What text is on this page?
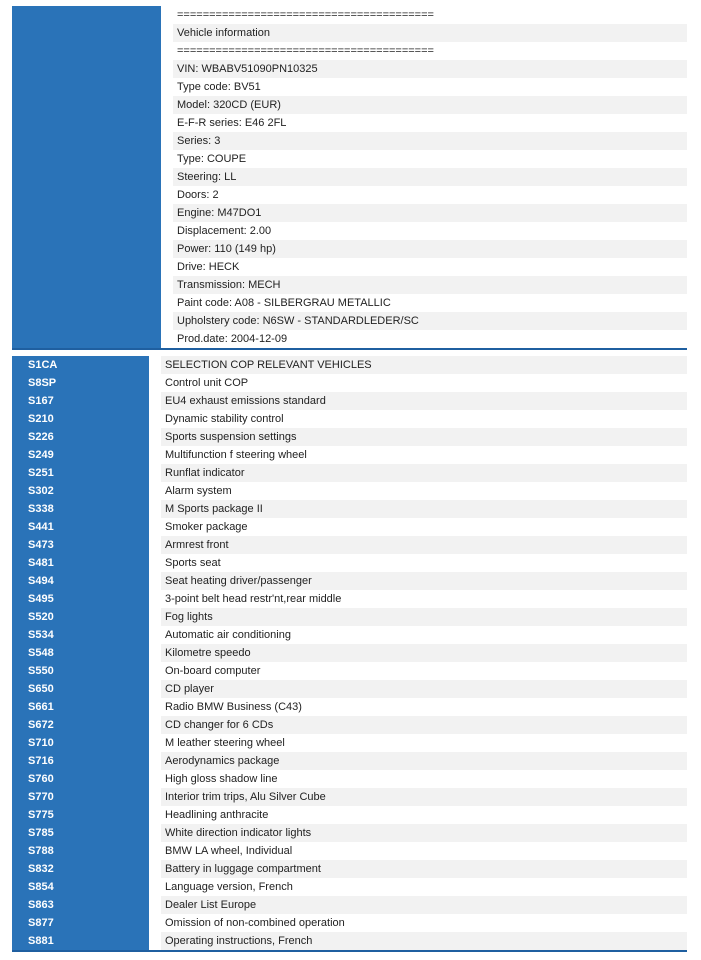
========================================
Vehicle information
========================================
VIN: WBABV51090PN10325
Type code: BV51
Model: 320CD (EUR)
E-F-R series: E46 2FL
Series: 3
Type: COUPE
Steering: LL
Doors: 2
Engine: M47DO1
Displacement: 2.00
Power: 110 (149 hp)
Drive: HECK
Transmission: MECH
Paint code: A08 - SILBERGRAU METALLIC
Upholstery code: N6SW - STANDARDLEDER/SC
Prod.date: 2004-12-09
S1CA
S8SP
S167
S210
S226
S249
S251
S302
S338
S441
S473
S481
S494
S495
S520
S534
S548
S550
S650
S661
S672
S710
S716
S760
S770
S775
S785
S788
S832
S854
S863
S877
S881
SELECTION COP RELEVANT VEHICLES
Control unit COP
EU4 exhaust emissions standard
Dynamic stability control
Sports suspension settings
Multifunction f steering wheel
Runflat indicator
Alarm system
M Sports package II
Smoker package
Armrest front
Sports seat
Seat heating driver/passenger
3-point belt head restr'nt,rear middle
Fog lights
Automatic air conditioning
Kilometre speedo
On-board computer
CD player
Radio BMW Business (C43)
CD changer for 6 CDs
M leather steering wheel
Aerodynamics package
High gloss shadow line
Interior trim trips, Alu Silver Cube
Headlining anthracite
White direction indicator lights
BMW LA wheel, Individual
Battery in luggage compartment
Language version, French
Dealer List Europe
Omission of non-combined operation
Operating instructions, French
